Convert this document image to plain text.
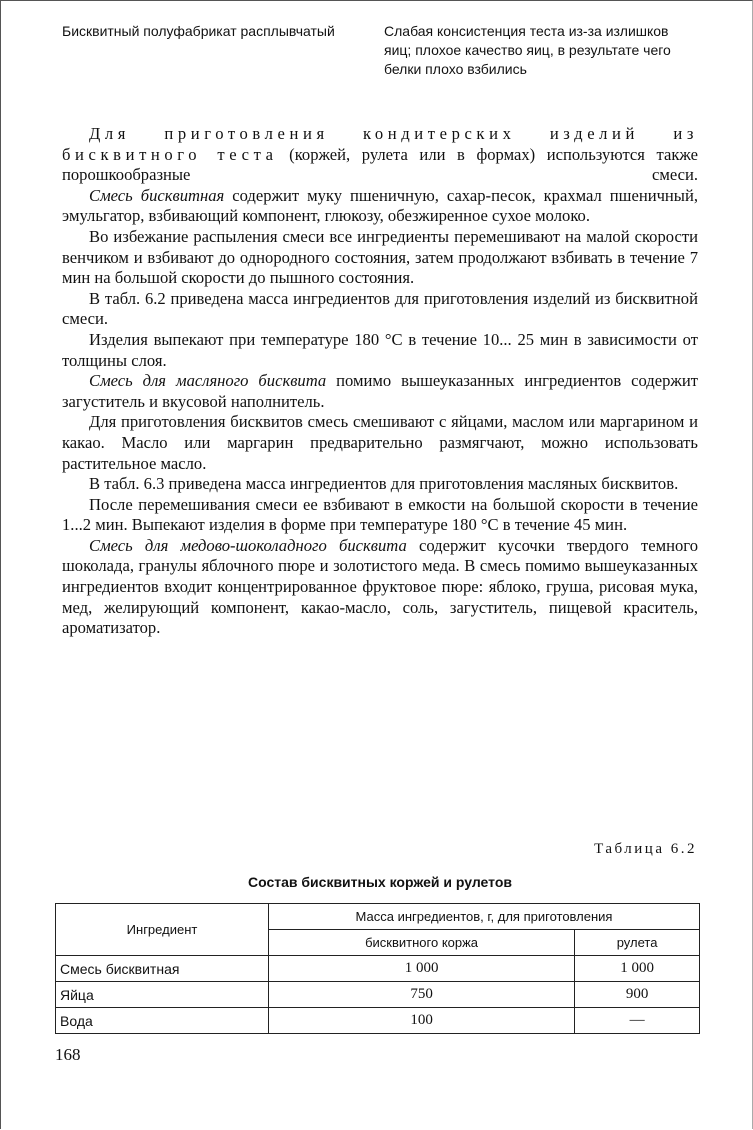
Бисквитный полуфабрикат расплывчатый	Слабая консистенция теста из-за излишков яиц; плохое качество яиц, в результате чего белки плохо взбились

Для приготовления кондитерских изделий из бисквитного теста (коржей, рулета или в формах) используются также порошкообразные смеси.

Смесь бисквитная содержит муку пшеничную, сахар-песок, крахмал пшеничный, эмульгатор, взбивающий компонент, глюкозу, обезжиренное сухое молоко.

Во избежание распыления смеси все ингредиенты перемешивают на малой скорости венчиком и взбивают до однородного состояния, затем продолжают взбивать в течение 7 мин на большой скорости до пышного состояния.

В табл. 6.2 приведена масса ингредиентов для приготовления изделий из бисквитной смеси.

Изделия выпекают при температуре 180 °С в течение 10... 25 мин в зависимости от толщины слоя.

Смесь для масляного бисквита помимо вышеуказанных ингредиентов содержит загуститель и вкусовой наполнитель.

Для приготовления бисквитов смесь смешивают с яйцами, маслом или маргарином и какао. Масло или маргарин предварительно размягчают, можно использовать растительное масло.

В табл. 6.3 приведена масса ингредиентов для приготовления масляных бисквитов.

После перемешивания смеси ее взбивают в емкости на большой скорости в течение 1...2 мин. Выпекают изделия в форме при температуре 180 °С в течение 45 мин.

Смесь для медово-шоколадного бисквита содержит кусочки твердого темного шоколада, гранулы яблочного пюре и золотистого меда. В смесь помимо вышеуказанных ингредиентов входит концентрированное фруктовое пюре: яблоко, груша, рисовая мука, мед, желирующий компонент, какао-масло, соль, загуститель, пищевой краситель, ароматизатор.

Таблица 6.2
Состав бисквитных коржей и рулетов
Ингредиент	Масса ингредиентов, г, для приготовления	
	бисквитного коржа	рулета
Смесь бисквитная	1 000	1 000
Яйца	750	900
Вода	100	—
168
